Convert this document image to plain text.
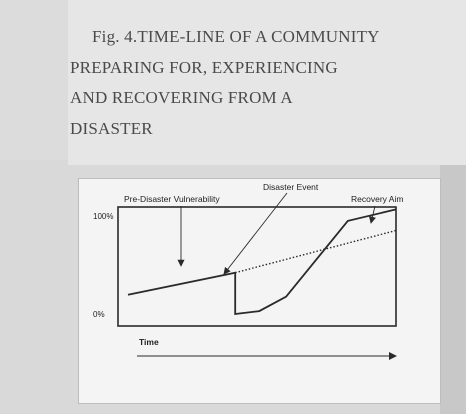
Fig. 4.TIME-LINE OF A COMMUNITY
PREPARING FOR, EXPERIENCING
AND RECOVERING FROM A
DISASTER
100%
0%
Time
Pre-Disaster Vulnerability
Disaster Event
Recovery Aim
